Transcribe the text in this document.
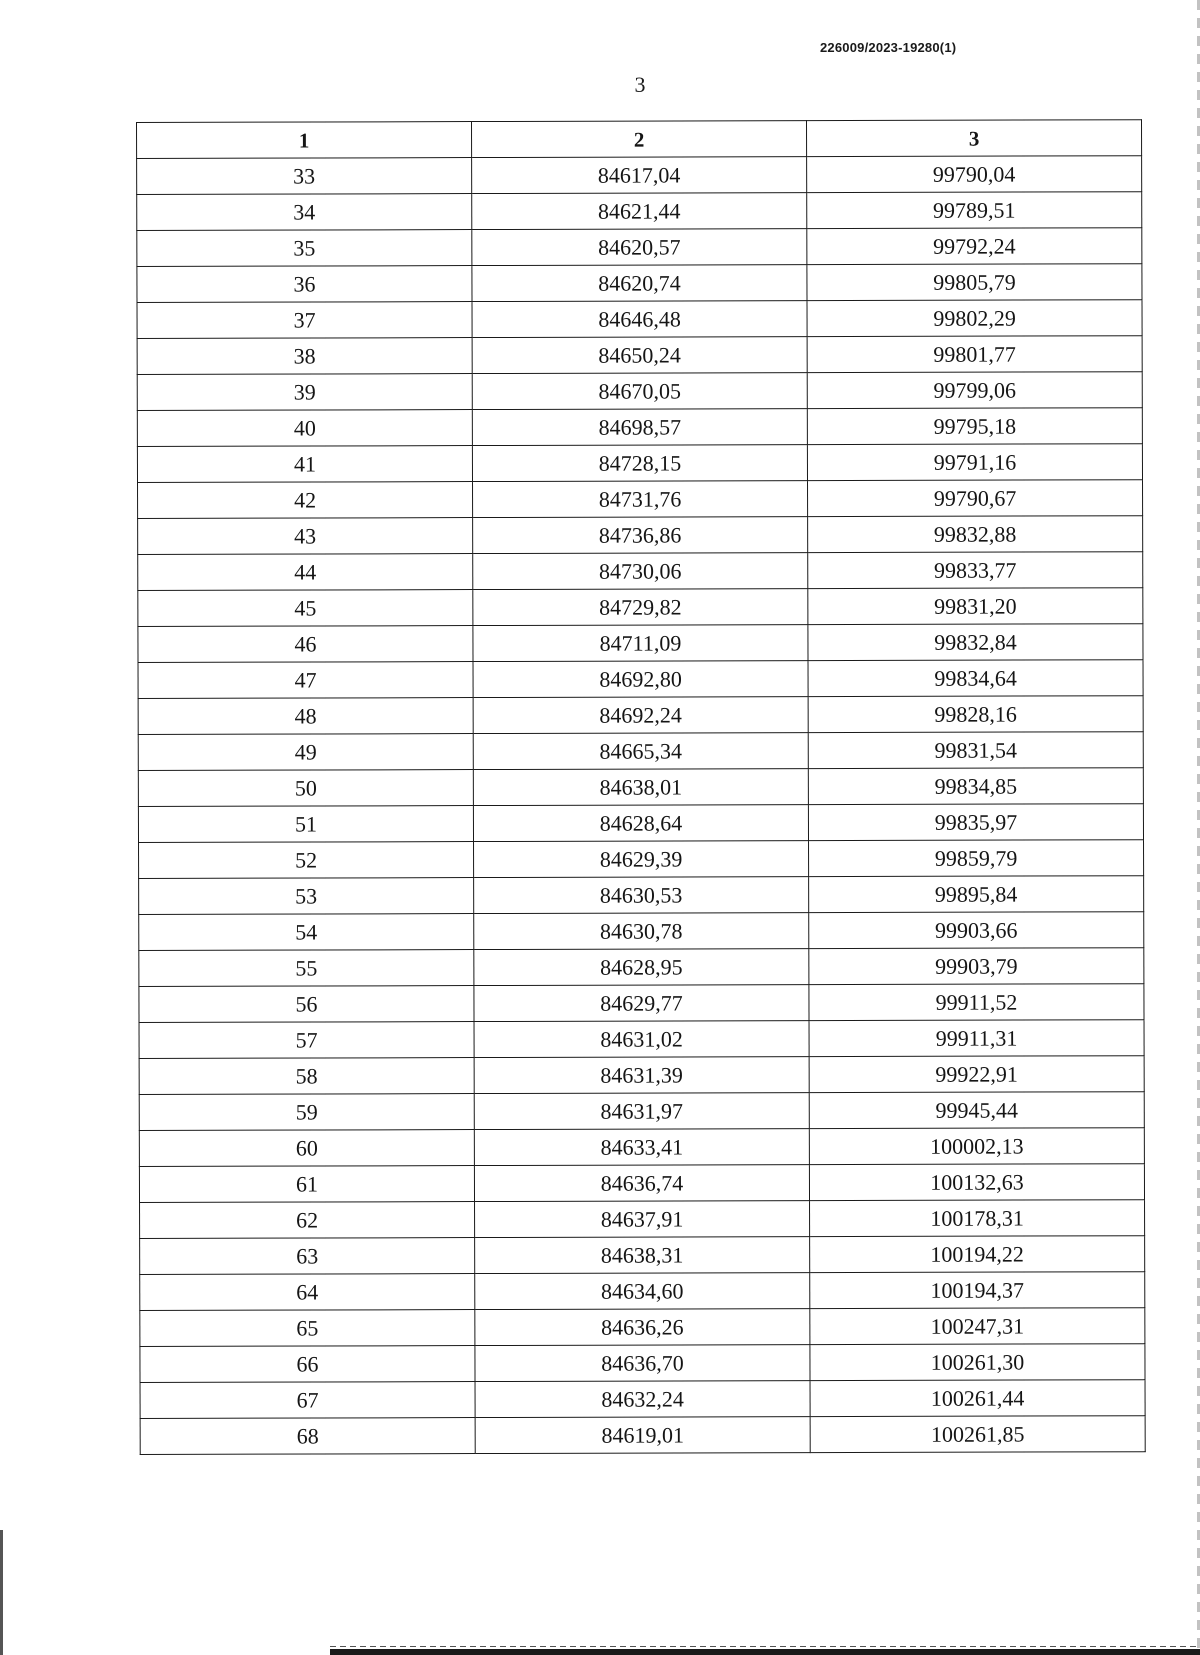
226009/2023-19280(1)
3
1	2	3
33	84617,04	99790,04
34	84621,44	99789,51
35	84620,57	99792,24
36	84620,74	99805,79
37	84646,48	99802,29
38	84650,24	99801,77
39	84670,05	99799,06
40	84698,57	99795,18
41	84728,15	99791,16
42	84731,76	99790,67
43	84736,86	99832,88
44	84730,06	99833,77
45	84729,82	99831,20
46	84711,09	99832,84
47	84692,80	99834,64
48	84692,24	99828,16
49	84665,34	99831,54
50	84638,01	99834,85
51	84628,64	99835,97
52	84629,39	99859,79
53	84630,53	99895,84
54	84630,78	99903,66
55	84628,95	99903,79
56	84629,77	99911,52
57	84631,02	99911,31
58	84631,39	99922,91
59	84631,97	99945,44
60	84633,41	100002,13
61	84636,74	100132,63
62	84637,91	100178,31
63	84638,31	100194,22
64	84634,60	100194,37
65	84636,26	100247,31
66	84636,70	100261,30
67	84632,24	100261,44
68	84619,01	100261,85
